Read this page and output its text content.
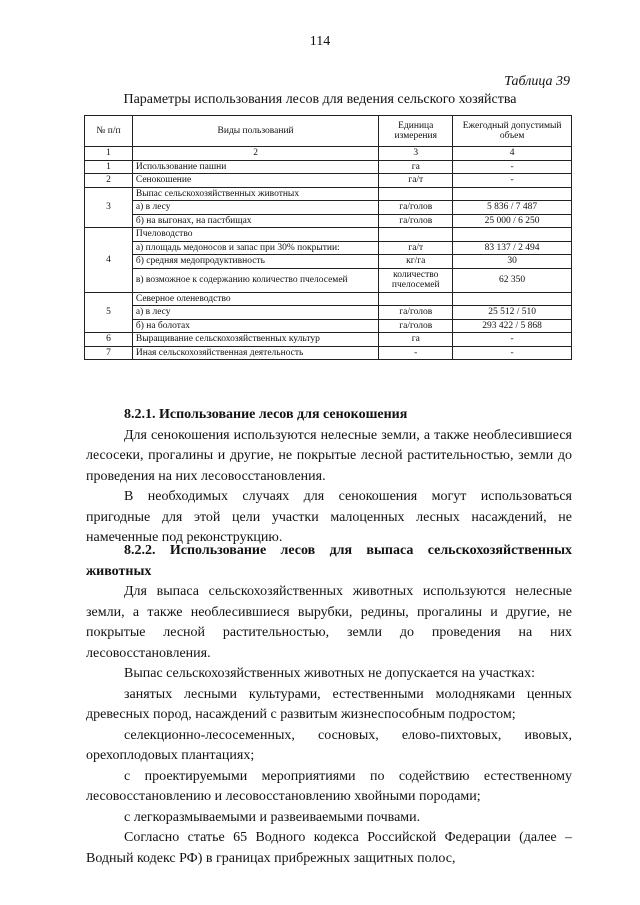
114
Таблица 39
Параметры использования лесов для ведения сельского хозяйства
№ п/п	Виды пользований	Единица измерения	Ежегодный допустимый объем
1	2	3	4
1	Использование пашни	га	-
2	Сенокошение	га/т	-
3	Выпас сельскохозяйственных животных		
	а) в лесу	га/голов	5 836 / 7 487
	б) на выгонах, на пастбищах	га/голов	25 000 / 6 250
4	Пчеловодство		
	а) площадь медоносов и запас при 30% покрытии:	га/т	83 137 / 2 494
	б) средняя медопродуктивность	кг/га	30
	в) возможное к содержанию количество пчелосемей	количество пчелосемей	62 350
5	Северное оленеводство		
	а) в лесу	га/голов	25 512 / 510
	б) на болотах	га/голов	293 422 / 5 868
6	Выращивание сельскохозяйственных культур	га	-
7	Иная сельскохозяйственная деятельность	-	-

8.2.1. Использование лесов для сенокошения

Для сенокошения используются нелесные земли, а также необлесившиеся лесосеки, прогалины и другие, не покрытые лесной растительностью, земли до проведения на них лесовосстановления.

В необходимых случаях для сенокошения могут использоваться пригодные для этой цели участки малоценных лесных насаждений, не намеченные под реконструкцию.

8.2.2. Использование лесов для выпаса сельскохозяйственных животных

Для выпаса сельскохозяйственных животных используются нелесные земли, а также необлесившиеся вырубки, редины, прогалины и другие, не покрытые лесной растительностью, земли до проведения на них лесовосстановления.

Выпас сельскохозяйственных животных не допускается на участках:

занятых лесными культурами, естественными молодняками ценных древесных пород, насаждений с развитым жизнеспособным подростом;

селекционно-лесосеменных, сосновых, елово-пихтовых, ивовых, орехоплодовых плантациях;

с проектируемыми мероприятиями по содействию естественному лесовосстановлению и лесовосстановлению хвойными породами;

с легкоразмываемыми и развеиваемыми почвами.

Согласно статье 65 Водного кодекса Российской Федерации (далее – Водный кодекс РФ) в границах прибрежных защитных полос,
